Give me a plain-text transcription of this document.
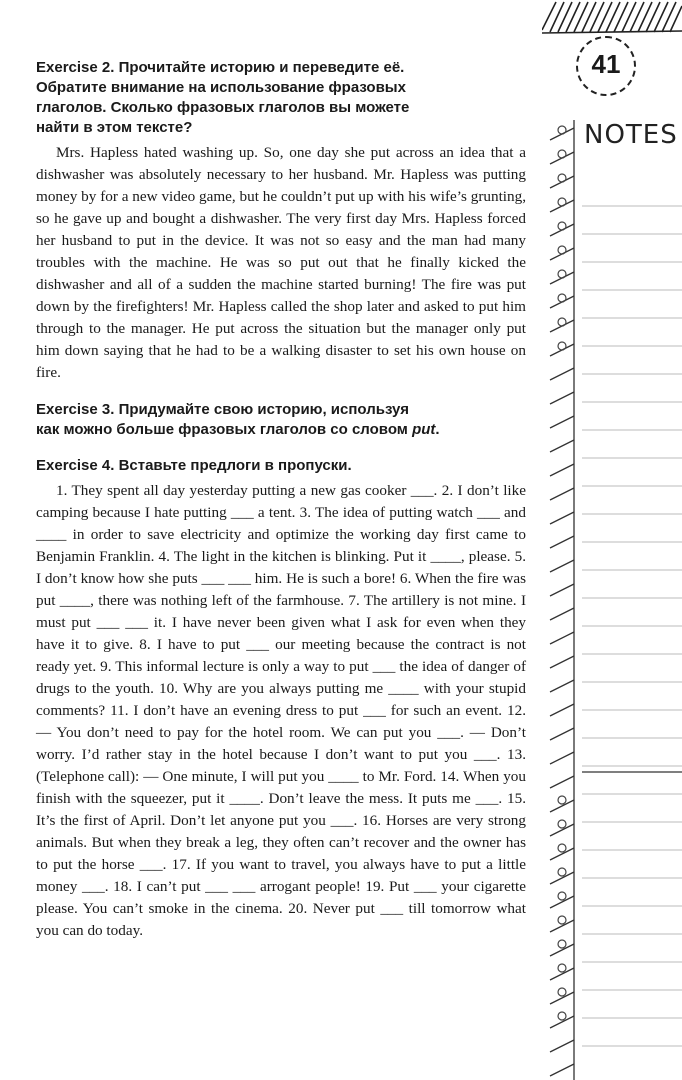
Exercise 2. Прочитайте историю и переведите её.
Обратите внимание на использование фразовых
глаголов. Сколько фразовых глаголов вы можете
найти в этом тексте?

Mrs. Hapless hated washing up. So, one day she put across an idea that a dishwasher was absolutely necessary to her husband. Mr. Hapless was putting money by for a new video game, but he couldn’t put up with his wife’s grunting, so he gave up and bought a dishwasher. The very first day Mrs. Hapless forced her husband to put in the device. It was not so easy and the man had many troubles with the machine. He was so put out that he finally kicked the dishwasher and all of a sudden the machine started burning! The fire was put down by the firefighters! Mr. Hapless called the shop later and asked to put him through to the manager. He put across the situation but the manager only put him down saying that he had to be a walking disaster to set his own house on fire.

Exercise 3. Придумайте свою историю, используя
как можно больше фразовых глаголов со словом put.
Exercise 4. Вставьте предлоги в пропуски.

1. They spent all day yesterday putting a new gas cooker ___. 2. I don’t like camping because I hate putting ___ a tent. 3. The idea of putting watch ___ and ____ in order to save electricity and optimize the working day first came to Benjamin Franklin. 4. The light in the kitchen is blinking. Put it ____, please. 5. I don’t know how she puts ___ ___ him. He is such a bore! 6. When the fire was put ____, there was nothing left of the farmhouse. 7. The artillery is not mine. I must put ___ ___ it. I have never been given what I ask for even when they have it to give. 8. I have to put ___ our meeting because the contract is not ready yet. 9. This informal lecture is only a way to put ___ the idea of danger of drugs to the youth. 10. Why are you always putting me ____ with your stupid comments? 11. I don’t have an evening dress to put ___ for such an event. 12. — You don’t need to pay for the hotel room. We can put you ___. — Don’t worry. I’d rather stay in the hotel because I don’t want to put you ___. 13. (Telephone call): — One minute, I will put you ____ to Mr. Ford. 14. When you finish with the squeezer, put it ____. Don’t leave the mess. It puts me ___. 15. It’s the first of April. Don’t let anyone put you ___. 16. Horses are very strong animals. But when they break a leg, they often can’t recover and the owner has to put the horse ___. 17. If you want to travel, you always have to put a little money ___. 18. I can’t put ___ ___ arrogant people! 19. Put ___ your cigarette please. You can’t smoke in the cinema. 20. Never put ___ till tomorrow what you can do today.

41
NOTES
